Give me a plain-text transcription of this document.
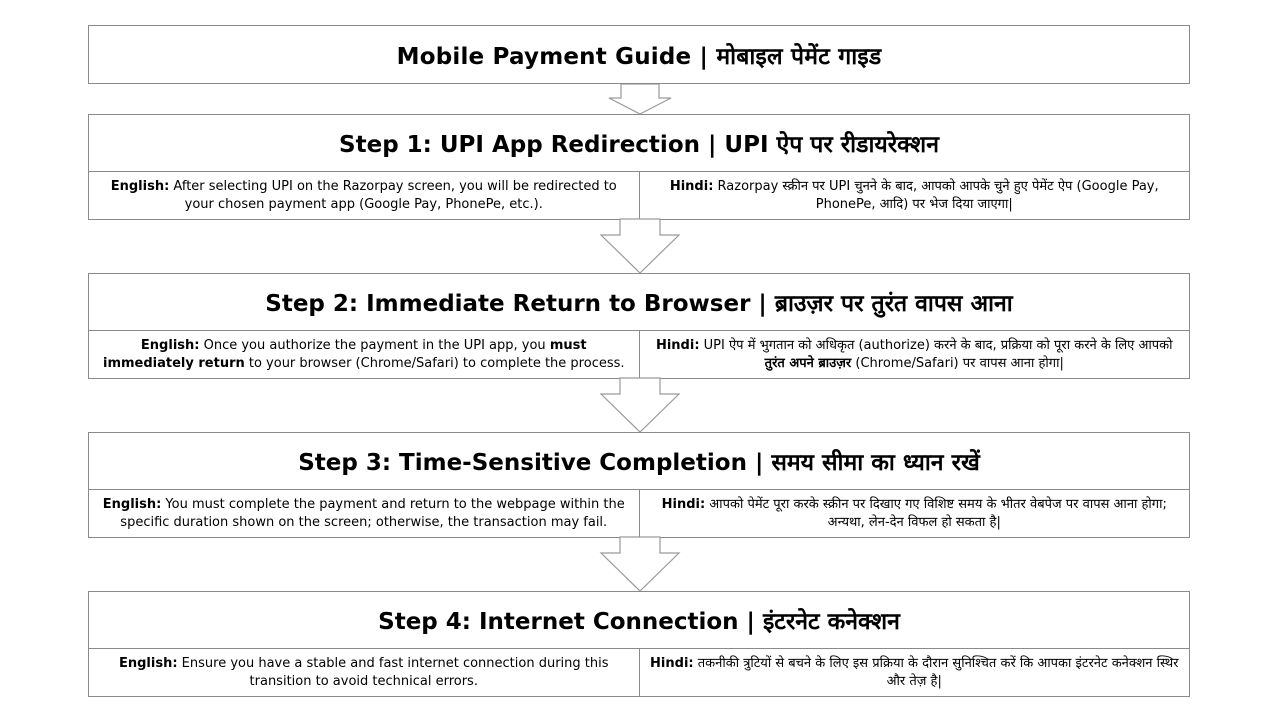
Mobile Payment Guide | मोबाइल पेमेंट गाइड
Step 1: UPI App Redirection | UPI ऐप पर रीडायरेक्शन
English: After selecting UPI on the Razorpay screen, you will be redirected to your chosen payment app (Google Pay, PhonePe, etc.).
Hindi: Razorpay स्क्रीन पर UPI चुनने के बाद, आपको आपके चुने हुए पेमेंट ऐप (Google Pay, PhonePe, आदि) पर भेज दिया जाएगा|
Step 2: Immediate Return to Browser | ब्राउज़र पर तुरंत वापस आना
English: Once you authorize the payment in the UPI app, you must immediately return to your browser (Chrome/Safari) to complete the process.
Hindi: UPI ऐप में भुगतान को अधिकृत (authorize) करने के बाद, प्रक्रिया को पूरा करने के लिए आपको तुरंत अपने ब्राउज़र (Chrome/Safari) पर वापस आना होगा|
Step 3: Time-Sensitive Completion | समय सीमा का ध्यान रखें
English: You must complete the payment and return to the webpage within the specific duration shown on the screen; otherwise, the transaction may fail.
Hindi: आपको पेमेंट पूरा करके स्क्रीन पर दिखाए गए विशिष्ट समय के भीतर वेबपेज पर वापस आना होगा; अन्यथा, लेन-देन विफल हो सकता है|
Step 4: Internet Connection | इंटरनेट कनेक्शन
English: Ensure you have a stable and fast internet connection during this transition to avoid technical errors.
Hindi: तकनीकी त्रुटियों से बचने के लिए इस प्रक्रिया के दौरान सुनिश्चित करें कि आपका इंटरनेट कनेक्शन स्थिर और तेज़ है|
